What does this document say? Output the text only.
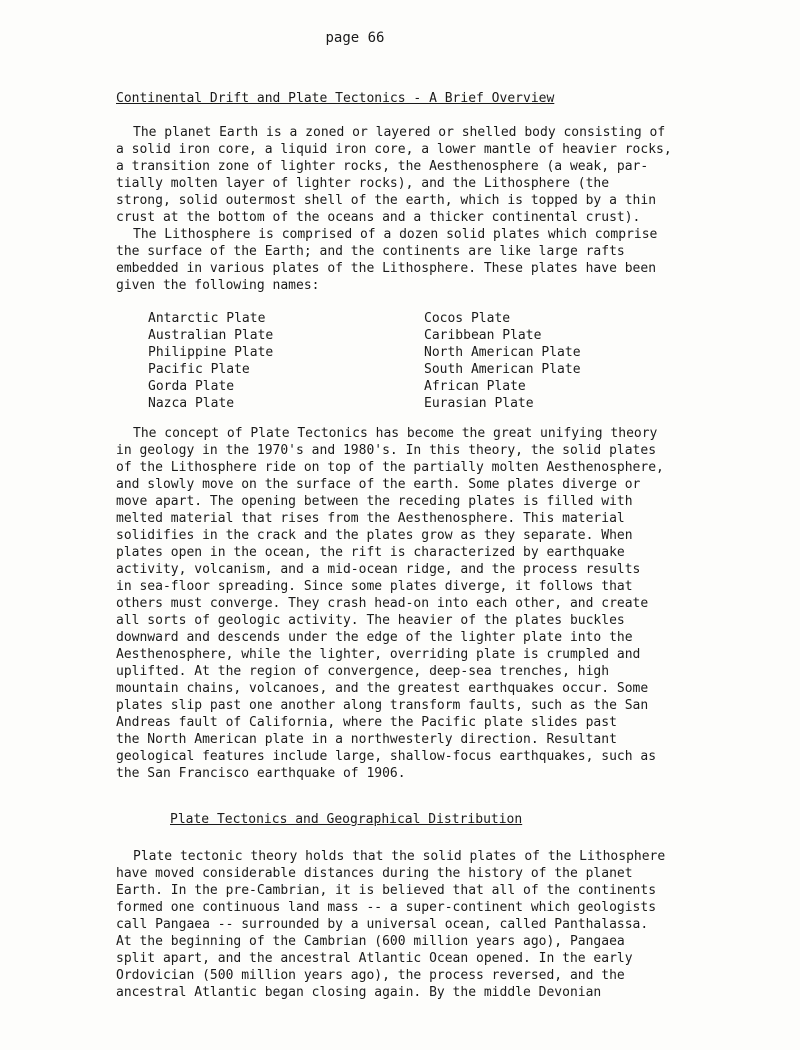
page 66
Continental Drift and Plate Tectonics - A Brief Overview
The planet Earth is a zoned or layered or shelled body consisting of
a solid iron core, a liquid iron core, a lower mantle of heavier rocks,
a transition zone of lighter rocks, the Aesthenosphere (a weak, par-
tially molten layer of lighter rocks), and the Lithosphere (the
strong, solid outermost shell of the earth, which is topped by a thin
crust at the bottom of the oceans and a thicker continental crust).
The Lithosphere is comprised of a dozen solid plates which comprise
the surface of the Earth; and the continents are like large rafts
embedded in various plates of the Lithosphere. These plates have been
given the following names:
Antarctic Plate
Australian Plate
Philippine Plate
Pacific Plate
Gorda Plate
Nazca Plate
Cocos Plate
Caribbean Plate
North American Plate
South American Plate
African Plate
Eurasian Plate
The concept of Plate Tectonics has become the great unifying theory
in geology in the 1970's and 1980's. In this theory, the solid plates
of the Lithosphere ride on top of the partially molten Aesthenosphere,
and slowly move on the surface of the earth. Some plates diverge or
move apart. The opening between the receding plates is filled with
melted material that rises from the Aesthenosphere. This material
solidifies in the crack and the plates grow as they separate. When
plates open in the ocean, the rift is characterized by earthquake
activity, volcanism, and a mid-ocean ridge, and the process results
in sea-floor spreading. Since some plates diverge, it follows that
others must converge. They crash head-on into each other, and create
all sorts of geologic activity. The heavier of the plates buckles
downward and descends under the edge of the lighter plate into the
Aesthenosphere, while the lighter, overriding plate is crumpled and
uplifted. At the region of convergence, deep-sea trenches, high
mountain chains, volcanoes, and the greatest earthquakes occur. Some
plates slip past one another along transform faults, such as the San
Andreas fault of California, where the Pacific plate slides past
the North American plate in a northwesterly direction. Resultant
geological features include large, shallow-focus earthquakes, such as
the San Francisco earthquake of 1906.
Plate Tectonics and Geographical Distribution
Plate tectonic theory holds that the solid plates of the Lithosphere
have moved considerable distances during the history of the planet
Earth. In the pre-Cambrian, it is believed that all of the continents
formed one continuous land mass -- a super-continent which geologists
call Pangaea -- surrounded by a universal ocean, called Panthalassa.
At the beginning of the Cambrian (600 million years ago), Pangaea
split apart, and the ancestral Atlantic Ocean opened. In the early
Ordovician (500 million years ago), the process reversed, and the
ancestral Atlantic began closing again. By the middle Devonian
